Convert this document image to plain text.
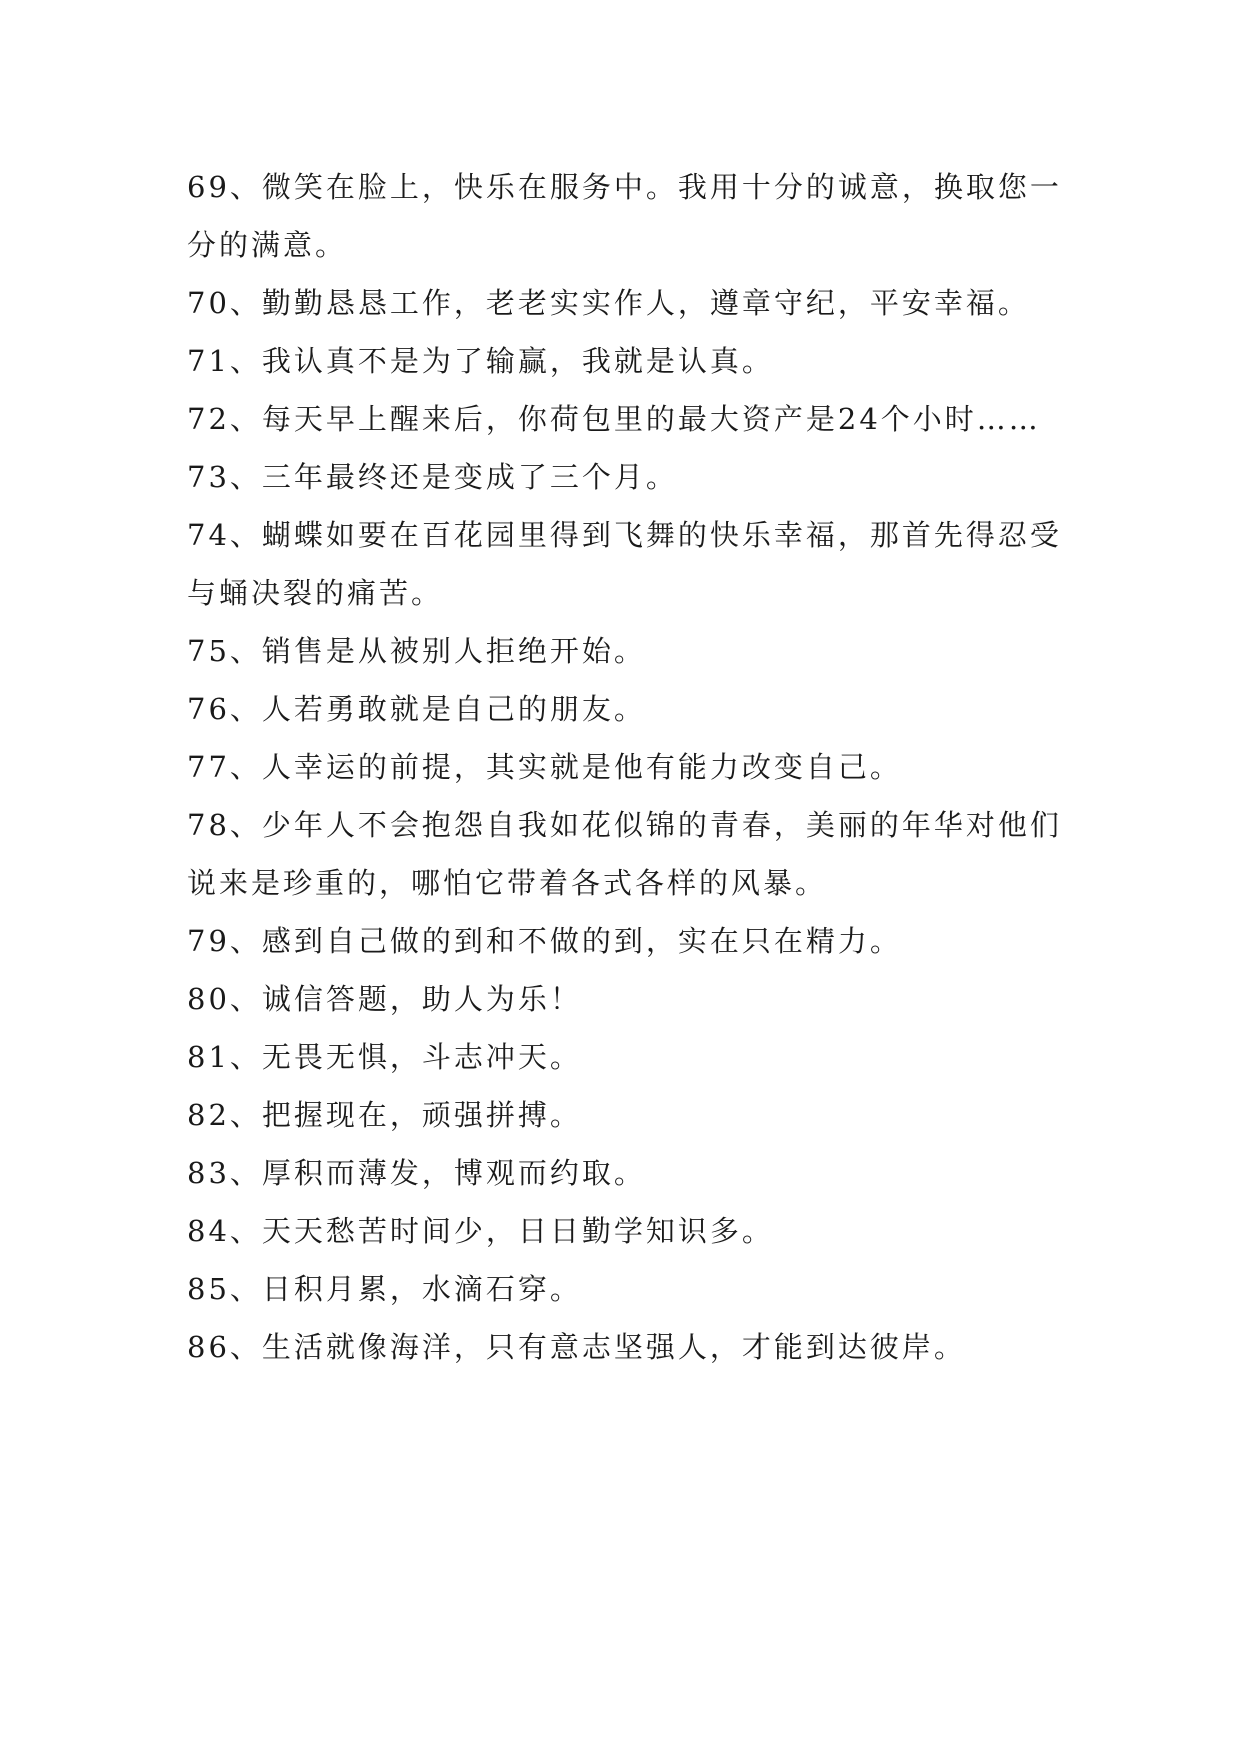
69、微笑在脸上，快乐在服务中。我用十分的诚意，换取您一分的满意。
70、勤勤恳恳工作，老老实实作人，遵章守纪，平安幸福。
71、我认真不是为了输赢，我就是认真。
72、每天早上醒来后，你荷包里的最大资产是24个小时……
73、三年最终还是变成了三个月。
74、蝴蝶如要在百花园里得到飞舞的快乐幸福，那首先得忍受与蛹决裂的痛苦。
75、销售是从被别人拒绝开始。
76、人若勇敢就是自己的朋友。
77、人幸运的前提，其实就是他有能力改变自己。
78、少年人不会抱怨自我如花似锦的青春，美丽的年华对他们说来是珍重的，哪怕它带着各式各样的风暴。
79、感到自己做的到和不做的到，实在只在精力。
80、诚信答题，助人为乐！
81、无畏无惧，斗志冲天。
82、把握现在，顽强拼搏。
83、厚积而薄发，博观而约取。
84、天天愁苦时间少，日日勤学知识多。
85、日积月累，水滴石穿。
86、生活就像海洋，只有意志坚强人，才能到达彼岸。
